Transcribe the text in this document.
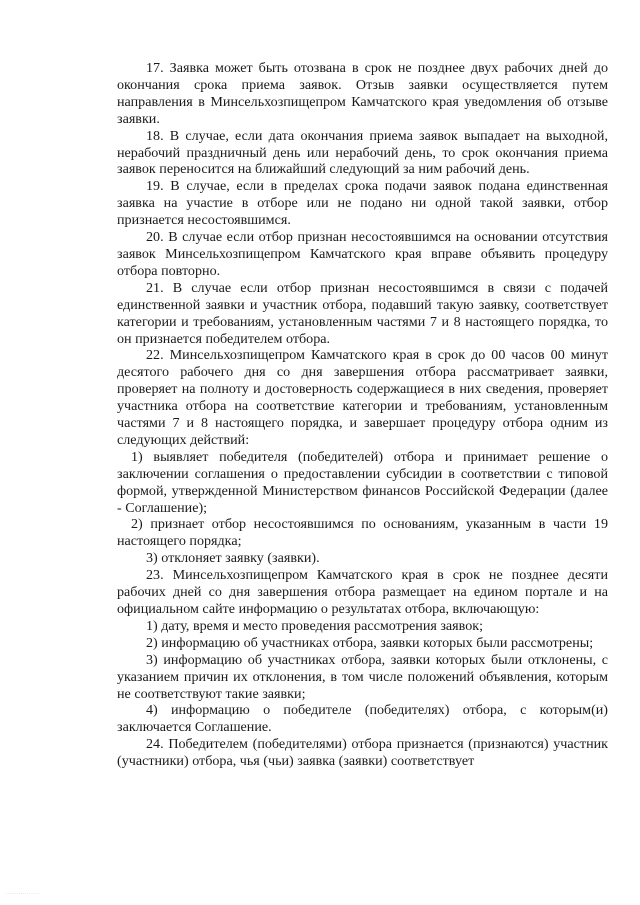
17. Заявка может быть отозвана в срок не позднее двух рабочих дней до окончания срока приема заявок. Отзыв заявки осуществляется путем направления в Минсельхозпищепром Камчатского края уведомления об отзыве заявки.

18. В случае, если дата окончания приема заявок выпадает на выходной, нерабочий праздничный день или нерабочий день, то срок окончания приема заявок переносится на ближайший следующий за ним рабочий день.

19. В случае, если в пределах срока подачи заявок подана единственная заявка на участие в отборе или не подано ни одной такой заявки, отбор признается несостоявшимся.

20. В случае если отбор признан несостоявшимся на основании отсутствия заявок Минсельхозпищепром Камчатского края вправе объявить процедуру отбора повторно.

21. В случае если отбор признан несостоявшимся в связи с подачей единственной заявки и участник отбора, подавший такую заявку, соответствует категории и требованиям, установленным частями 7 и 8 настоящего порядка, то он признается победителем отбора.

22. Минсельхозпищепром Камчатского края в срок до 00 часов 00 минут десятого рабочего дня со дня завершения отбора рассматривает заявки, проверяет на полноту и достоверность содержащиеся в них сведения, проверяет участника отбора на соответствие категории и требованиям, установленным частями 7 и 8 настоящего порядка, и завершает процедуру отбора одним из следующих действий:

1) выявляет победителя (победителей) отбора и принимает решение о заключении соглашения о предоставлении субсидии в соответствии с типовой формой, утвержденной Министерством финансов Российской Федерации (далее - Соглашение);

2) признает отбор несостоявшимся по основаниям, указанным в части 19 настоящего порядка;

3) отклоняет заявку (заявки).

23. Минсельхозпищепром Камчатского края в срок не позднее десяти рабочих дней со дня завершения отбора размещает на едином портале и на официальном сайте информацию о результатах отбора, включающую:

1) дату, время и место проведения рассмотрения заявок;

2) информацию об участниках отбора, заявки которых были рассмотрены;

3) информацию об участниках отбора, заявки которых были отклонены, с указанием причин их отклонения, в том числе положений объявления, которым не соответствуют такие заявки;

4) информацию о победителе (победителях) отбора, с которым(и) заключается Соглашение.

24. Победителем (победителями) отбора признается (признаются) участник (участники) отбора, чья (чьи) заявка (заявки) соответствует

................
